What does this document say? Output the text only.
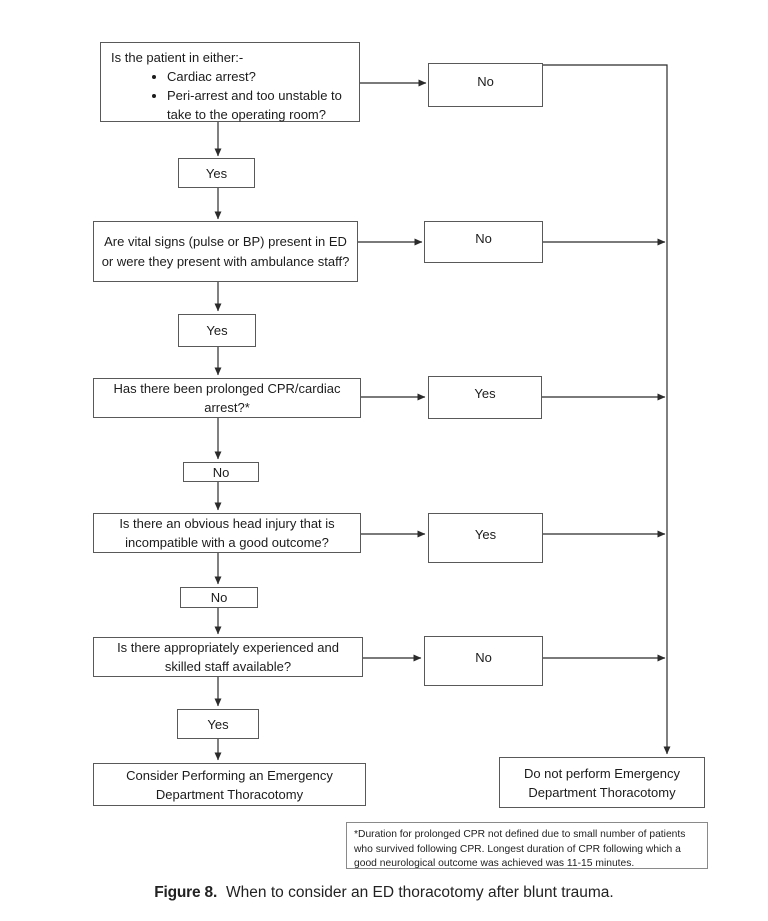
Is the patient in either:-
• Cardiac arrest?
• Peri-arrest and too unstable to take to the operating room?
No
Yes
Are vital signs (pulse or BP) present in ED or were they present with ambulance staff?
No
Yes
Has there been prolonged CPR/cardiac arrest?*
Yes
No
Is there an obvious head injury that is incompatible with a good outcome?
Yes
No
Is there appropriately experienced and skilled staff available?
No
Yes
Consider Performing an Emergency Department Thoracotomy
Do not perform Emergency Department Thoracotomy
*Duration for prolonged CPR not defined due to small number of patients who survived following CPR. Longest duration of CPR following which a good neurological outcome was achieved was 11-15 minutes.
Figure 8. When to consider an ED thoracotomy after blunt trauma.
